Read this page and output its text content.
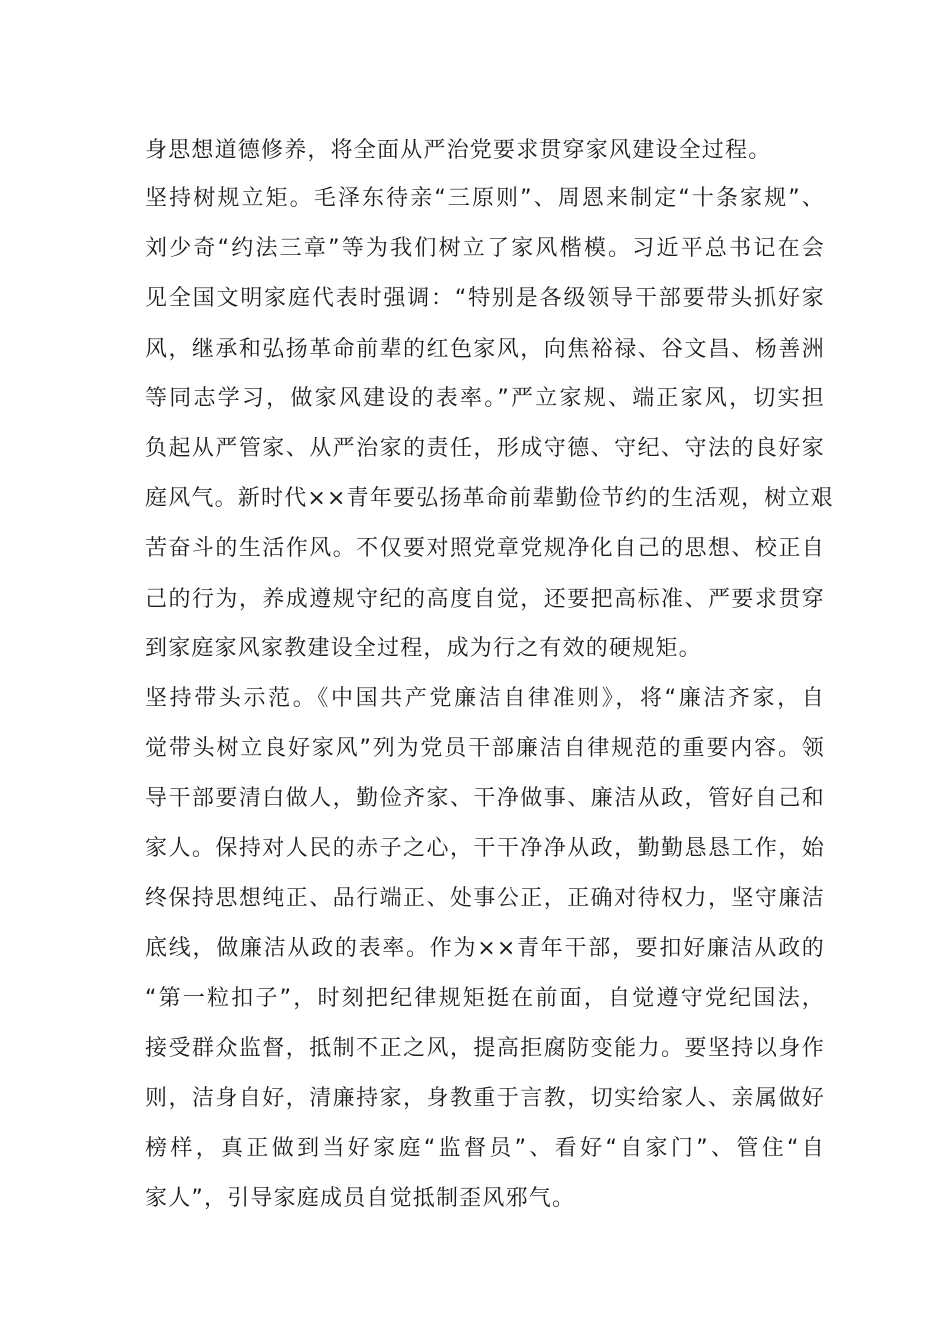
身思想道德修养，将全面从严治党要求贯穿家风建设全过程。
坚持树规立矩。毛泽东待亲“三原则”、周恩来制定“十条家规”、
刘少奇“约法三章”等为我们树立了家风楷模。习近平总书记在会
见全国文明家庭代表时强调：“特别是各级领导干部要带头抓好家
风，继承和弘扬革命前辈的红色家风，向焦裕禄、谷文昌、杨善洲
等同志学习，做家风建设的表率。”严立家规、端正家风，切实担
负起从严管家、从严治家的责任，形成守德、守纪、守法的良好家
庭风气。新时代××青年要弘扬革命前辈勤俭节约的生活观，树立艰
苦奋斗的生活作风。不仅要对照党章党规净化自己的思想、校正自
己的行为，养成遵规守纪的高度自觉，还要把高标准、严要求贯穿
到家庭家风家教建设全过程，成为行之有效的硬规矩。
坚持带头示范。《中国共产党廉洁自律准则》，将“廉洁齐家，自
觉带头树立良好家风”列为党员干部廉洁自律规范的重要内容。领
导干部要清白做人，勤俭齐家、干净做事、廉洁从政，管好自己和
家人。保持对人民的赤子之心，干干净净从政，勤勤恳恳工作，始
终保持思想纯正、品行端正、处事公正，正确对待权力，坚守廉洁
底线，做廉洁从政的表率。作为××青年干部，要扣好廉洁从政的
“第一粒扣子”，时刻把纪律规矩挺在前面，自觉遵守党纪国法，
接受群众监督，抵制不正之风，提高拒腐防变能力。要坚持以身作
则，洁身自好，清廉持家，身教重于言教，切实给家人、亲属做好
榜样，真正做到当好家庭“监督员”、看好“自家门”、管住“自
家人”，引导家庭成员自觉抵制歪风邪气。
